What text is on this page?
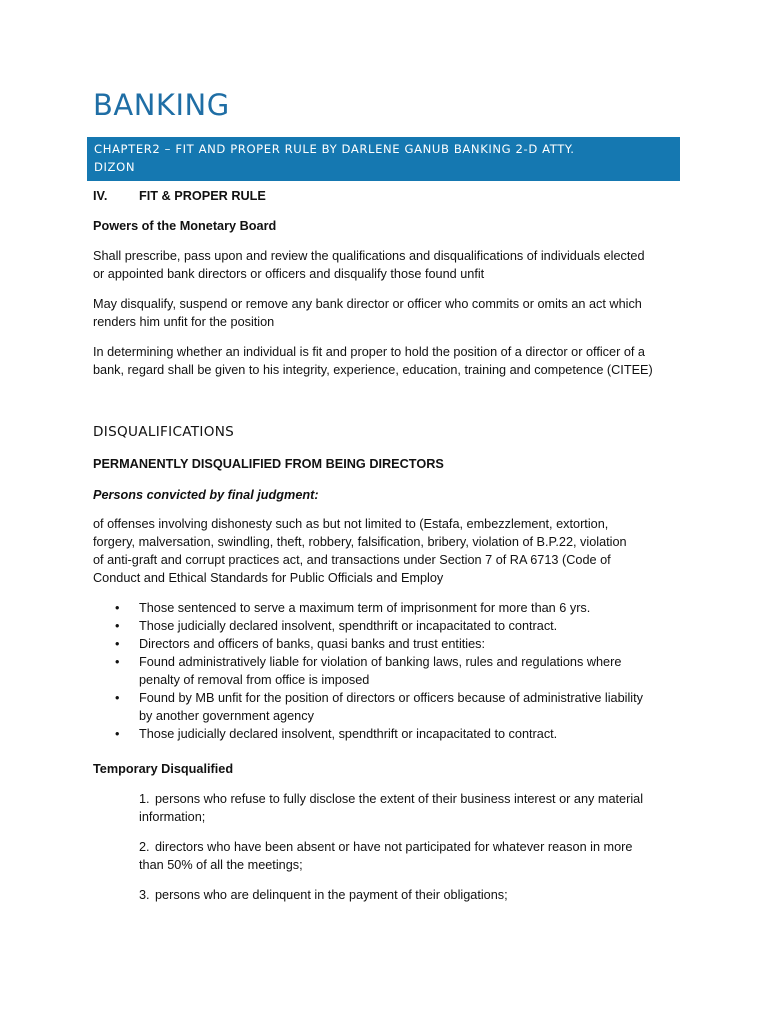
BANKING
CHAPTER2 – FIT AND PROPER RULE BY DARLENE GANUB BANKING 2-D ATTY.
DIZON
IV. FIT & PROPER RULE
Powers of the Monetary Board
Shall prescribe, pass upon and review the qualifications and disqualifications of individuals elected
or appointed bank directors or officers and disqualify those found unfit
May disqualify, suspend or remove any bank director or officer who commits or omits an act which
renders him unfit for the position
In determining whether an individual is fit and proper to hold the position of a director or officer of a
bank, regard shall be given to his integrity, experience, education, training and competence (CITEE)
DISQUALIFICATIONS
PERMANENTLY DISQUALIFIED FROM BEING DIRECTORS
Persons convicted by final judgment:
of offenses involving dishonesty such as but not limited to (Estafa, embezzlement, extortion,
forgery, malversation, swindling, theft, robbery, falsification, bribery, violation of B.P.22, violation
of anti-graft and corrupt practices act, and transactions under Section 7 of RA 6713 (Code of
Conduct and Ethical Standards for Public Officials and Employ
• Those sentenced to serve a maximum term of imprisonment for more than 6 yrs.
• Those judicially declared insolvent, spendthrift or incapacitated to contract.
• Directors and officers of banks, quasi banks and trust entities:
• Found administratively liable for violation of banking laws, rules and regulations where
penalty of removal from office is imposed
• Found by MB unfit for the position of directors or officers because of administrative liability
by another government agency
• Those judicially declared insolvent, spendthrift or incapacitated to contract.
Temporary Disqualified
1. persons who refuse to fully disclose the extent of their business interest or any material
information;
2. directors who have been absent or have not participated for whatever reason in more
than 50% of all the meetings;
3. persons who are delinquent in the payment of their obligations;
